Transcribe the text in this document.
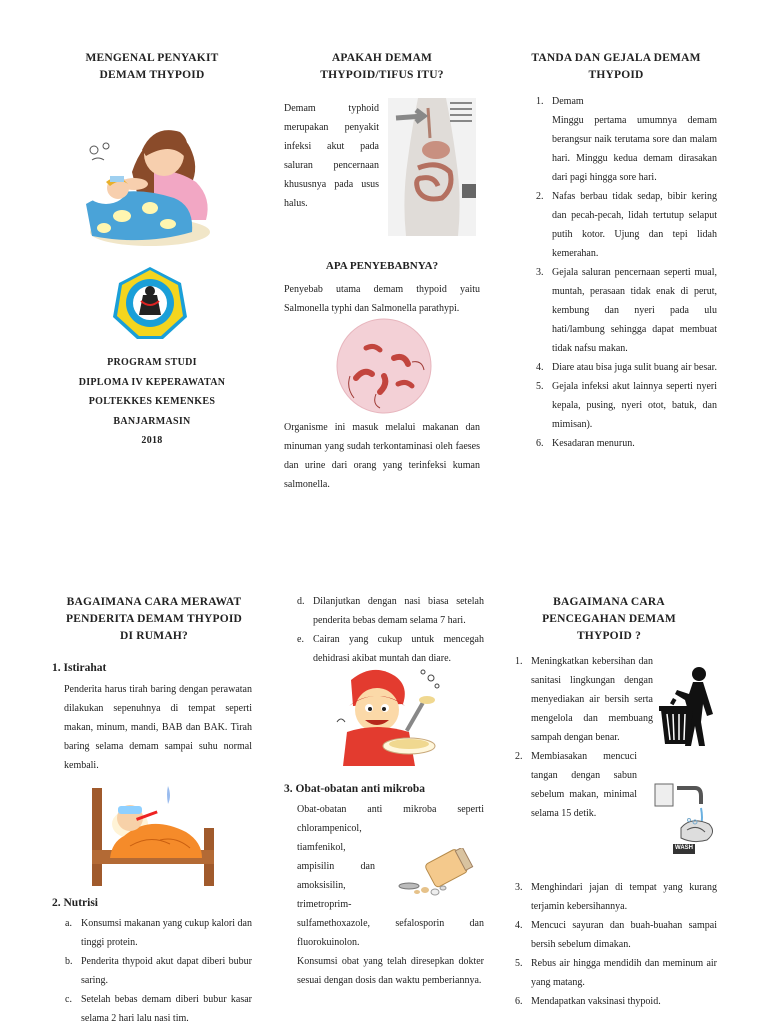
MENGENAL PENYAKIT
DEMAM THYPOID
PROGRAM STUDI
DIPLOMA IV KEPERAWATAN
POLTEKKES KEMENKES
BANJARMASIN
2018
APAKAH DEMAM
THYPOID/TIFUS ITU?
Demam typhoid merupakan penyakit infeksi akut pada saluran pencernaan khususnya pada usus halus.
APA PENYEBABNYA?
Penyebab utama demam thypoid yaitu Salmonella typhi dan Salmonella parathypi.
Organisme ini masuk melalui makanan dan minuman yang sudah terkontaminasi oleh faeses dan urine dari orang yang terinfeksi kuman salmonella.
TANDA DAN GEJALA DEMAM
THYPOID
1. Demam
Minggu pertama umumnya demam berangsur naik terutama sore dan malam hari. Minggu kedua demam dirasakan dari pagi hingga sore hari.
2. Nafas berbau tidak sedap, bibir kering dan pecah-pecah, lidah tertutup selaput putih kotor. Ujung dan tepi lidah kemerahan.
3. Gejala saluran pencernaan seperti mual, muntah, perasaan tidak enak di perut, kembung dan nyeri pada ulu hati/lambung sehingga dapat membuat tidak nafsu makan.
4. Diare atau bisa juga sulit buang air besar.
5. Gejala infeksi akut lainnya seperti nyeri kepala, pusing, nyeri otot, batuk, dan mimisan).
6. Kesadaran menurun.
BAGAIMANA CARA MERAWAT
PENDERITA DEMAM THYPOID
DI RUMAH?
1. Istirahat
Penderita harus tirah baring dengan perawatan dilakukan sepenuhnya di tempat seperti makan, minum, mandi, BAB dan BAK. Tirah baring selama demam sampai suhu normal kembali.
2. Nutrisi
a. Konsumsi makanan yang cukup kalori dan tinggi protein.
b. Penderita thypoid akut dapat diberi bubur saring.
c. Setelah bebas demam diberi bubur kasar selama 2 hari lalu nasi tim.
d. Dilanjutkan dengan nasi biasa setelah penderita bebas demam selama 7 hari.
e. Cairan yang cukup untuk mencegah dehidrasi akibat muntah dan diare.
3. Obat-obatan anti mikroba
Obat-obatan anti mikroba seperti
chlorampenicol,
tiamfenikol,
ampisilin dan
amoksisilin,
trimetroprim-
sulfamethoxazole, sefalosporin dan fluorokuinolon.
Konsumsi obat yang telah diresepkan dokter sesuai dengan dosis dan waktu pemberiannya.
BAGAIMANA CARA
PENCEGAHAN DEMAM
THYPOID ?
1. Meningkatkan kebersihan dan sanitasi lingkungan dengan menyediakan air bersih serta mengelola dan membuang sampah dengan benar.
2. Membiasakan mencuci tangan dengan sabun sebelum makan, minimal selama 15 detik.
WASH
3. Menghindari jajan di tempat yang kurang terjamin kebersihannya.
4. Mencuci sayuran dan buah-buahan sampai bersih sebelum dimakan.
5. Rebus air hingga mendidih dan meminum air yang matang.
6. Mendapatkan vaksinasi thypoid.
